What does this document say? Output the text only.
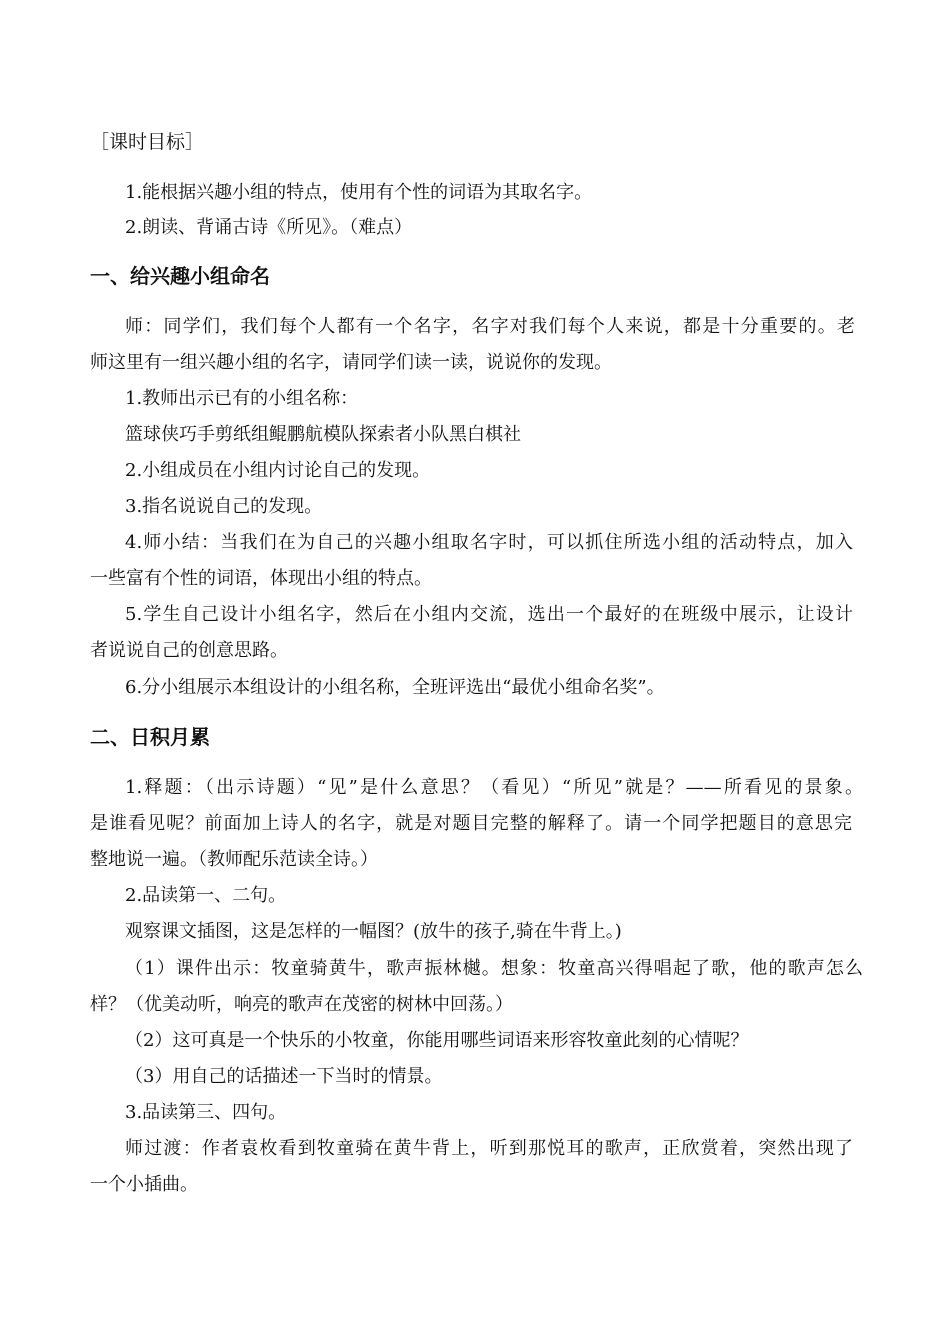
［课时目标］
1.能根据兴趣小组的特点，使用有个性的词语为其取名字。
2.朗读、背诵古诗《所见》。（难点）
一、给兴趣小组命名
师：同学们，我们每个人都有一个名字，名字对我们每个人来说，都是十分重要的。老
师这里有一组兴趣小组的名字，请同学们读一读，说说你的发现。
1.教师出示已有的小组名称：
篮球侠巧手剪纸组鲲鹏航模队探索者小队黑白棋社
2.小组成员在小组内讨论自己的发现。
3.指名说说自己的发现。
4.师小结：当我们在为自己的兴趣小组取名字时，可以抓住所选小组的活动特点，加入
一些富有个性的词语，体现出小组的特点。
5.学生自己设计小组名字，然后在小组内交流，选出一个最好的在班级中展示，让设计
者说说自己的创意思路。
6.分小组展示本组设计的小组名称，全班评选出“最优小组命名奖”。
二、日积月累
1.释题：（出示诗题）“见”是什么意思？（看见）“所见”就是？——所看见的景象。
是谁看见呢？前面加上诗人的名字，就是对题目完整的解释了。请一个同学把题目的意思完
整地说一遍。（教师配乐范读全诗。）
2.品读第一、二句。
观察课文插图，这是怎样的一幅图？(放牛的孩子,骑在牛背上。)
（1）课件出示：牧童骑黄牛，歌声振林樾。想象：牧童高兴得唱起了歌，他的歌声怎么
样？（优美动听，响亮的歌声在茂密的树林中回荡。）
（2）这可真是一个快乐的小牧童，你能用哪些词语来形容牧童此刻的心情呢？
（3）用自己的话描述一下当时的情景。
3.品读第三、四句。
师过渡：作者袁枚看到牧童骑在黄牛背上，听到那悦耳的歌声，正欣赏着，突然出现了
一个小插曲。
